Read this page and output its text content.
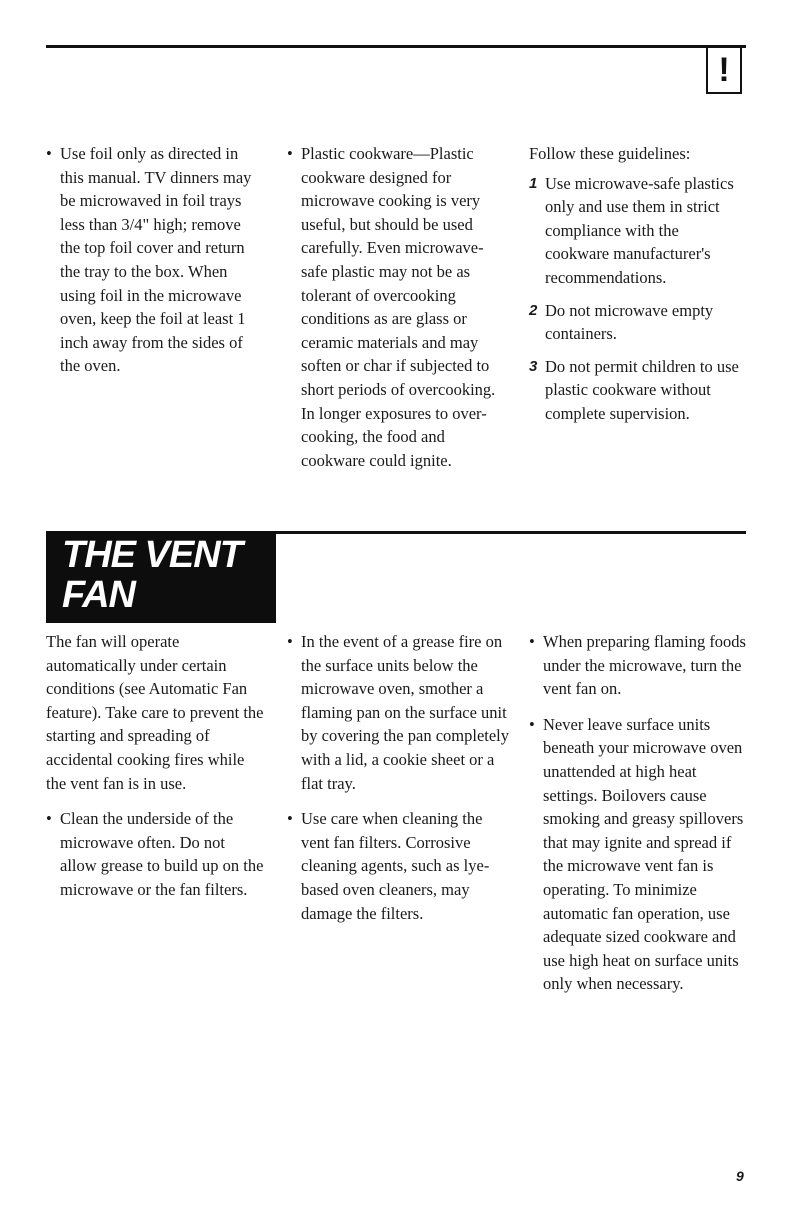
!

• Use foil only as directed in this manual. TV dinners may be microwaved in foil trays less than 3/4" high; remove the top foil cover and return the tray to the box. When using foil in the microwave oven, keep the foil at least 1 inch away from the sides of the oven.

• Plastic cookware—Plastic cookware designed for microwave cooking is very useful, but should be used carefully. Even microwave-safe plastic may not be as tolerant of overcooking conditions as are glass or ceramic materials and may soften or char if subjected to short periods of overcooking. In longer exposures to over-cooking, the food and cookware could ignite.

Follow these guidelines:

1 Use microwave-safe plastics only and use them in strict compliance with the cookware manufacturer's recommendations.
2 Do not microwave empty containers.
3 Do not permit children to use plastic cookware without complete supervision.
THE VENT
FAN

The fan will operate automatically under certain conditions (see Automatic Fan feature). Take care to prevent the starting and spreading of accidental cooking fires while the vent fan is in use.

• Clean the underside of the microwave often. Do not allow grease to build up on the microwave or the fan filters.

• In the event of a grease fire on the surface units below the microwave oven, smother a flaming pan on the surface unit by covering the pan completely with a lid, a cookie sheet or a flat tray.

• Use care when cleaning the vent fan filters. Corrosive cleaning agents, such as lye-based oven cleaners, may damage the filters.

• When preparing flaming foods under the microwave, turn the vent fan on.

• Never leave surface units beneath your microwave oven unattended at high heat settings. Boilovers cause smoking and greasy spillovers that may ignite and spread if the microwave vent fan is operating. To minimize automatic fan operation, use adequate sized cookware and use high heat on surface units only when necessary.

9
